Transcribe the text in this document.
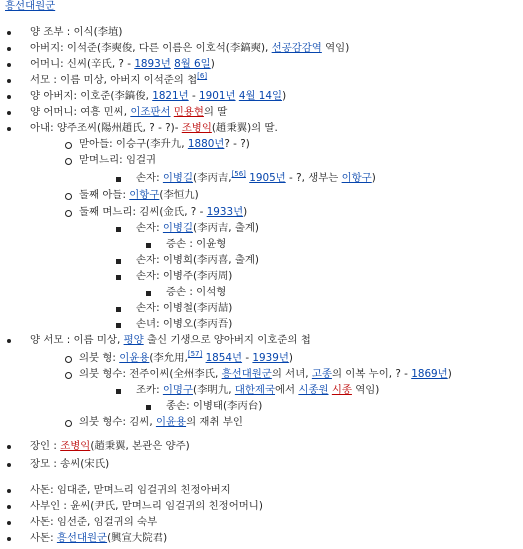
흥선대원군
양 조부 : 이식(李埴)
아버지: 이석준(李奭俊, 다른 이름은 이호석(李鎬奭), 선공감감역 역임)
어머니: 신씨(辛氏, ? - 1893년 8월 6일)
서모 : 이름 미상, 아버지 이석준의 첩[6]
양 아버지: 이호준(李鎬俊, 1821년 - 1901년 4월 14일)
양 어머니: 여흥 민씨, 이조판서 민용현의 딸
아내: 양주조씨(陽州趙氏, ? - ?)- 조병익(趙秉翼)의 딸.
맏아들: 이승구(李升九, 1880년? - ?)
맏며느리: 임걸귀
손자: 이병길(李丙吉,[56] 1905년 - ?, 생부는 이항구)
둘째 아들: 이항구(李恒九)
둘째 며느리: 김씨(金氏, ? - 1933년)
손자: 이병길(李丙吉, 출계)
증손 : 이윤형
손자: 이병희(李丙喜, 출계)
손자: 이병주(李丙周)
증손 : 이석형
손자: 이병철(李丙喆)
손녀: 이병오(李丙吾)
양 서모 : 이름 미상, 평양 출신 기생으로 양아버지 이호준의 첩
의붓 형: 이윤용(李允用,[57] 1854년 - 1939년)
의붓 형수: 전주이씨(全州李氏, 흥선대원군의 서녀, 고종의 이복 누이, ? - 1869년)
조카: 이명구(李明九, 대한제국에서 시종원 시종 역임)
종손: 이병태(李丙台)
의붓 형수: 김씨, 이윤용의 재취 부인
장인 : 조병익(趙秉翼, 본관은 양주)
장모 : 송씨(宋氏)
사돈: 임대준, 맏며느리 임걸귀의 친정아버지
사부인 : 윤씨(尹氏, 맏며느리 임걸귀의 친정어머니)
사돈: 임선준, 임걸귀의 숙부
사돈: 흥선대원군(興宣大院君)
